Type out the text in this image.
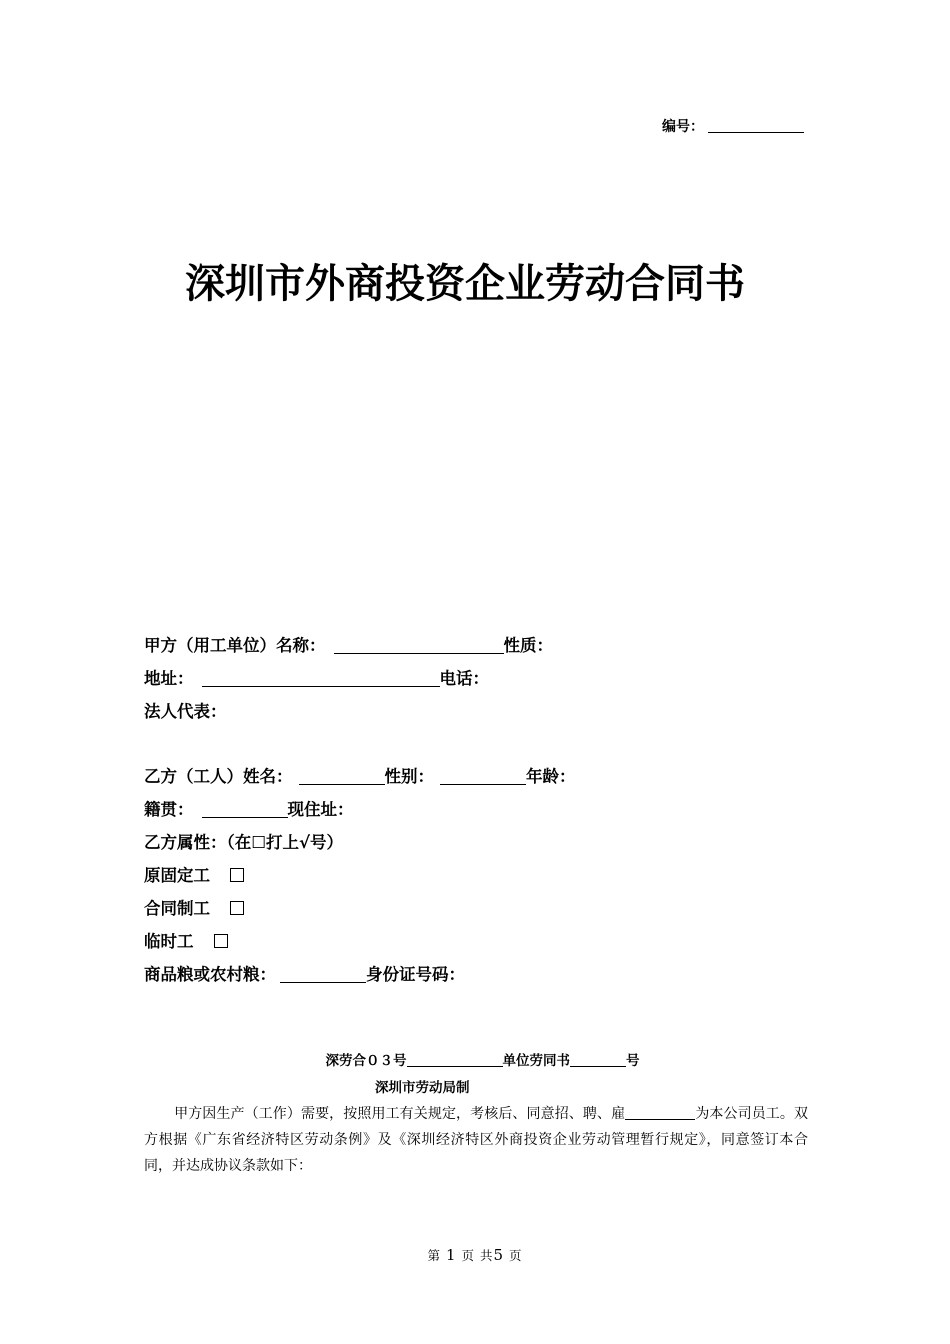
编号：
深圳市外商投资企业劳动合同书
甲方（用工单位）名称：	性质：
地址：	电话：
法人代表：
乙方（工人）姓名：	性别：	年龄：
籍贯：	现住址：
乙方属性：（在☐打上√号）
原固定工
合同制工
临时工
商品粮或农村粮：	身份证号码：
深劳合０３号	单位劳同书	号
深圳市劳动局制
甲方因生产（工作）需要，按照用工有关规定，考核后、同意招、聘、雇	为本公司员工。双方根据《广东省经济特区劳动条例》及《深圳经济特区外商投资企业劳动管理暂行规定》，同意签订本合同，并达成协议条款如下：
第 1 页 共5 页
